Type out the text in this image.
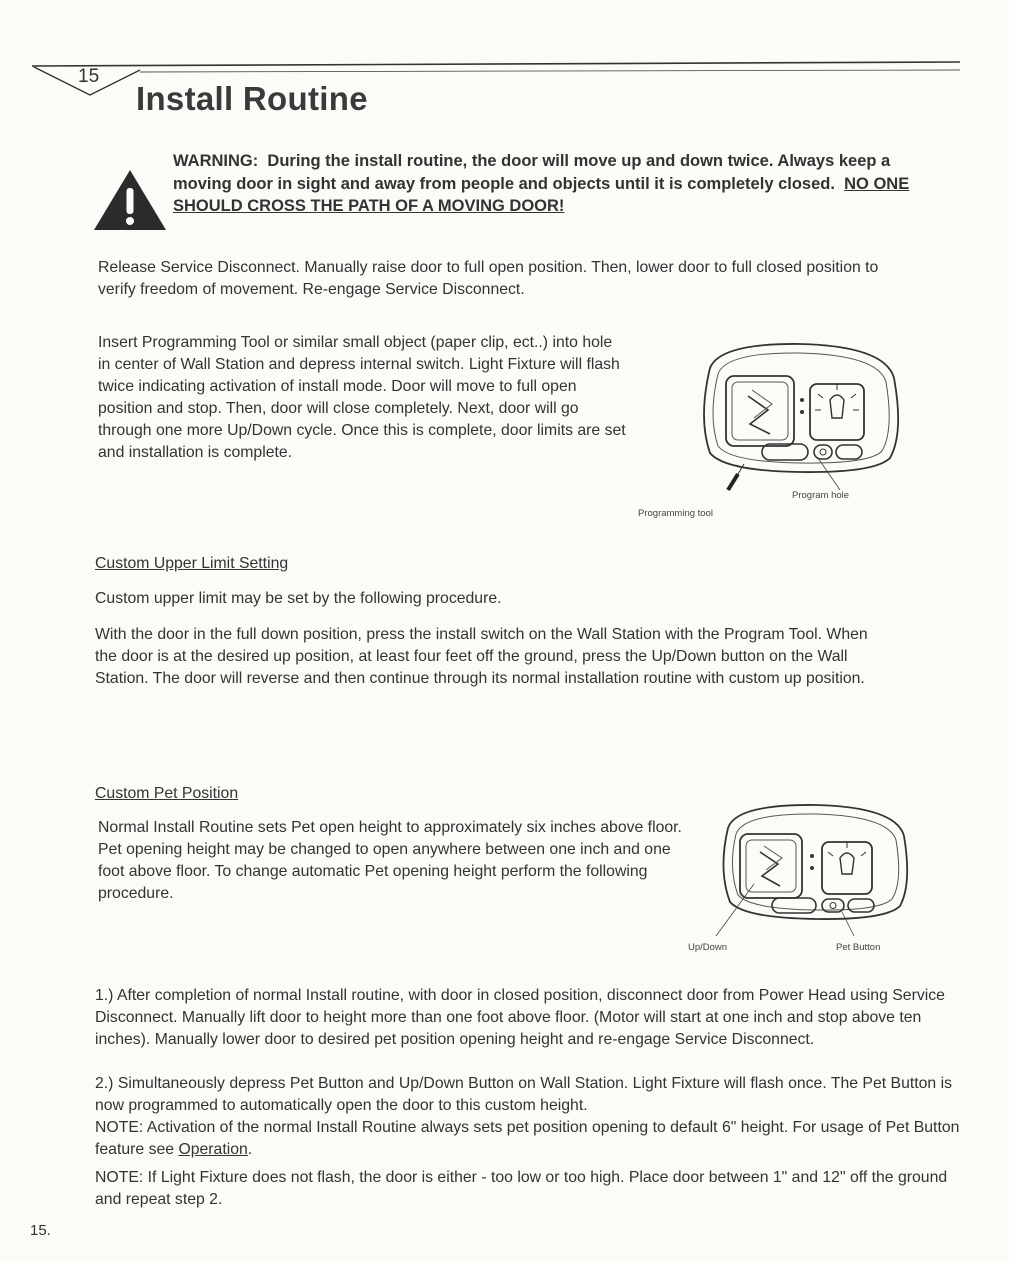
15
Install Routine
WARNING: During the install routine, the door will move up and down twice. Always keep a moving door in sight and away from people and objects until it is completely closed. NO ONE SHOULD CROSS THE PATH OF A MOVING DOOR!

Release Service Disconnect. Manually raise door to full open position. Then, lower door to full closed position to verify freedom of movement. Re-engage Service Disconnect.

Insert Programming Tool or similar small object (paper clip, ect..) into hole in center of Wall Station and depress internal switch. Light Fixture will flash twice indicating activation of install mode. Door will move to full open position and stop. Then, door will close completely. Next, door will go through one more Up/Down cycle. Once this is complete, door limits are set and installation is complete.

Programming tool
Program hole
Custom Upper Limit Setting

Custom upper limit may be set by the following procedure.

With the door in the full down position, press the install switch on the Wall Station with the Program Tool. When the door is at the desired up position, at least four feet off the ground, press the Up/Down button on the Wall Station. The door will reverse and then continue through its normal installation routine with custom up position.

Custom Pet Position

Normal Install Routine sets Pet open height to approximately six inches above floor. Pet opening height may be changed to open anywhere between one inch and one foot above floor. To change automatic Pet opening height perform the following procedure.

Up/Down	Pet Button

1.) After completion of normal Install routine, with door in closed position, disconnect door from Power Head using Service Disconnect. Manually lift door to height more than one foot above floor. (Motor will start at one inch and stop above ten inches). Manually lower door to desired pet position opening height and re-engage Service Disconnect.

2.) Simultaneously depress Pet Button and Up/Down Button on Wall Station. Light Fixture will flash once. The Pet Button is now programmed to automatically open the door to this custom height.

NOTE: Activation of the normal Install Routine always sets pet position opening to default 6" height. For usage of Pet Button feature see Operation.

NOTE: If Light Fixture does not flash, the door is either - too low or too high. Place door between 1" and 12" off the ground and repeat step 2.

15.
